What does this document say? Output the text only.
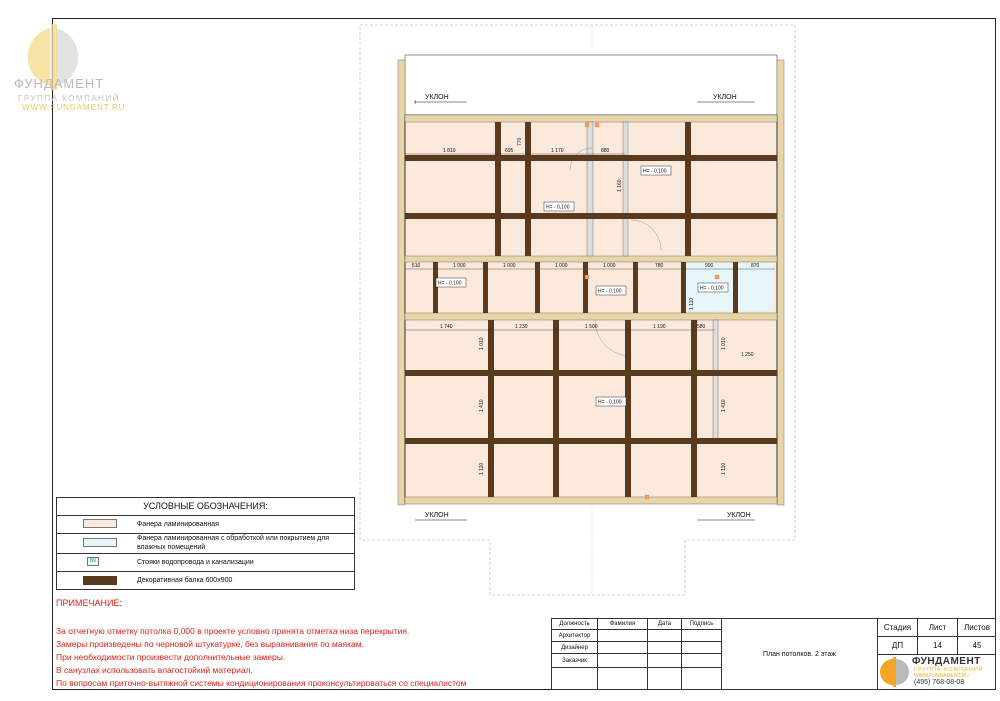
ФУНДАМЕНТ
ГРУППА КОМПАНИЙ
WWW.FUNDAMENT.RU
УКЛОН	УКЛОН
УКЛОН	УКЛОН
Н= - 0,100
Н= - 0,100
Н= - 0,100
Н= - 0,100	Н= - 0,100
Н= - 0,100
1 810	695	1 170	880
510	1 000	1 000	1 000	1 000	780	900	870
1 740	1 230	1 500	1 190	580
1 250
770
1 160
1 110
1 010
1 410
1 110
1 010
1 410
1 110
УСЛОВНЫЕ ОБОЗНАЧЕНИЯ:
Фанера ламинированная
Фанера ламинированная с обработкой или покрытием для влажных помещений
ВК	Стояки водопровода и канализации
Декоративная балка 600х900
ПРИМЕЧАНИЕ:
За отчетную отметку потолка 0,000 в проекте условно принята отметка низа перекрытия.
Замеры произведены по черновой штукатурке, без выравнивания по маякам.
При необходимости произвести дополнительные замеры.
В санузлах использовать влагостойкий материал.
По вопросам приточно-вытяжной системы кондиционирования проконсультироваться со специалистом
Должность	Фамилия	Дата	Подпись
Архитектор
Дизайнер
Заказчик
План потолков. 2 этаж
Стадия	Лист	Листов
ДП	14	45
ФУНДАМЕНТ
ГРУППА КОМПАНИЙ
WWW.FUNDAMENT.RU
(495) 768-08-08
